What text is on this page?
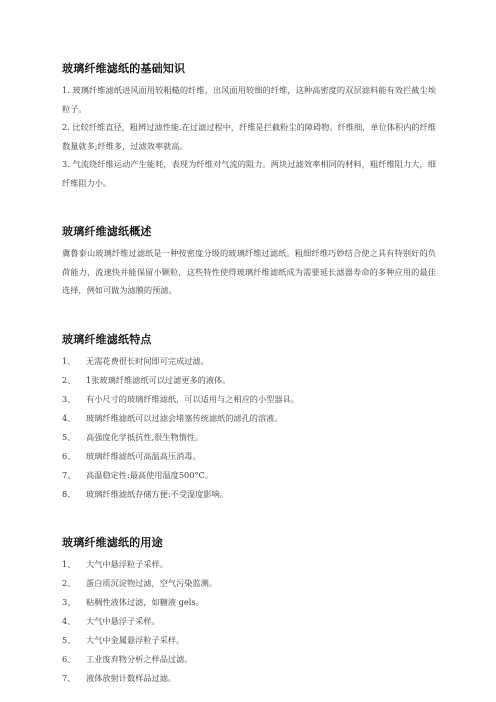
玻璃纤维滤纸的基础知识

1. 玻璃纤维滤纸进风面用较粗糙的纤维，出风面用较细的纤维，这种高密度的双层滤料能有效拦截尘埃粒子。

2. 比较纤维直径，粗辨过滤性能.在过滤过程中，纤维是拦截粉尘的障碍物。纤维细，单位体积内的纤维数量就多;纤维多，过滤效率就高。

3. 气流绕纤维运动产生能耗，表现为纤维对气流的阻力。两块过滤效率相同的材料，粗纤维阻力大，细纤维阻力小。

玻璃纤维滤纸概述

冀鲁泰山玻璃纤维过滤纸是一种按密度分级的玻璃纤维过滤纸。粗细纤维巧妙结合使之具有特别好的负荷能力，流速快并能保留小颗粒，这些特性使得玻璃纤维滤纸成为需要延长滤器寿命的多种应用的最佳选择，例如可做为滤膜的预滤。

玻璃纤维滤纸特点
1、	无需花费很长时间即可完成过滤。
2、	1张玻璃纤维滤纸可以过滤更多的液体。
3、	有小尺寸的玻璃纤维滤纸，可以适用与之相应的小型器具。
4、	玻璃纤维滤纸可以过滤会堵塞传统滤纸的滤孔的溶液。
5、	高强度化学抵抗性,很生物惰性。
6、	玻璃纤维滤纸可高温高压消毒。
7、	高温稳定性:最高使用温度500°C。
8、	玻璃纤维滤纸存储方便:不受湿度影响。
玻璃纤维滤纸的用途
1、	大气中悬浮粒子采样。
2、	蛋白质沉淀物过滤，空气污染监测。
3、	粘稠性液体过滤，如糖液 gels。
4、	大气中悬浮子采样。
5、	大气中金属悬浮粒子采样。
6、	工业废弃物分析之样品过滤。
7、	液体放射计数样品过滤。
